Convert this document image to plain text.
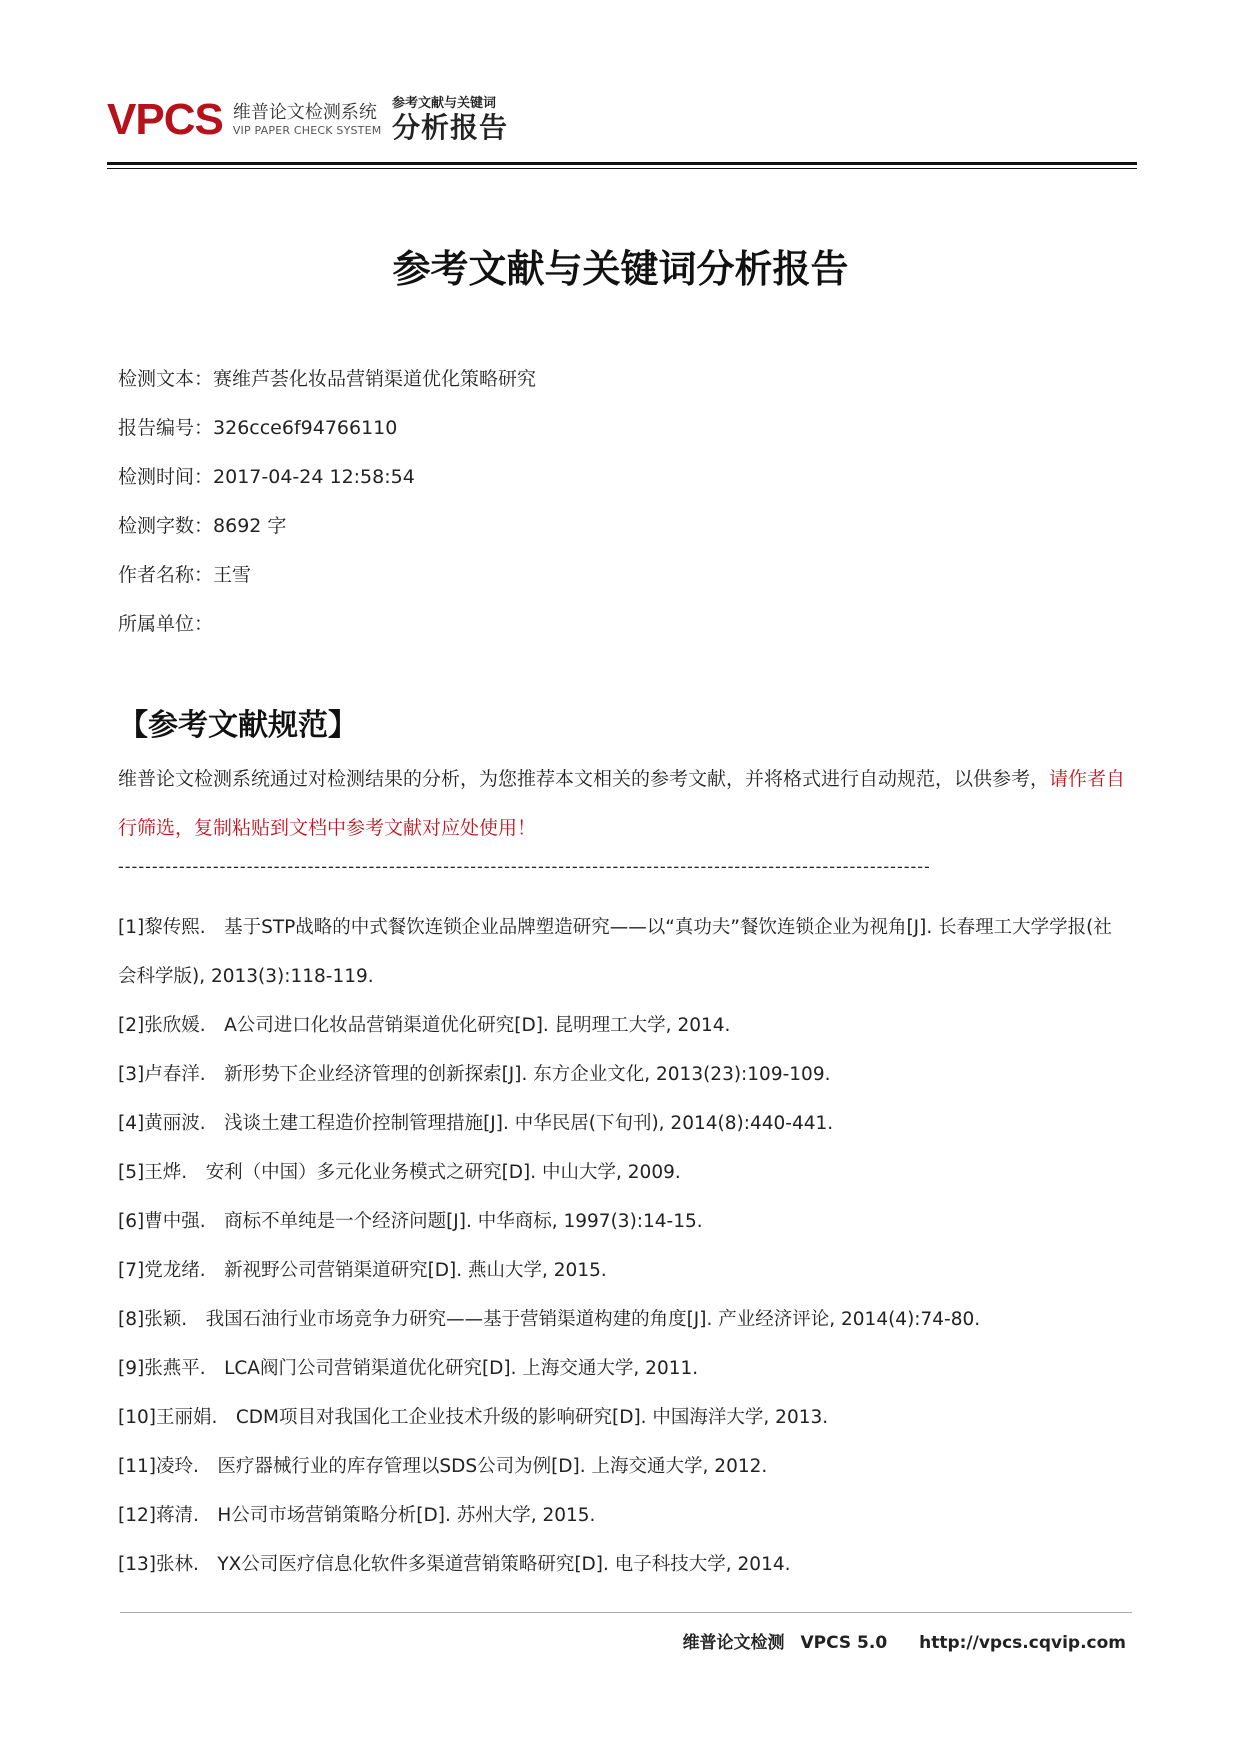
VPCS 维普论文检测系统
VIP PAPER CHECK SYSTEM
参考文献与关键词
分析报告
参考文献与关键词分析报告
检测文本：赛维芦荟化妆品营销渠道优化策略研究
报告编号：326cce6f94766110
检测时间：2017-04-24 12:58:54
检测字数：8692 字
作者名称：王雪
所属单位：
【参考文献规范】
维普论文检测系统通过对检测结果的分析，为您推荐本文相关的参考文献，并将格式进行自动规范，以供参考，请作者自行筛选，复制粘贴到文档中参考文献对应处使用！
------------------------------------------------------------------------------------------------------------------------
[1]黎传熙.　基于STP战略的中式餐饮连锁企业品牌塑造研究——以“真功夫”餐饮连锁企业为视角[J]. 长春理工大学学报(社会科学版), 2013(3):118-119.
[2]张欣媛.　A公司进口化妆品营销渠道优化研究[D]. 昆明理工大学, 2014.
[3]卢春洋.　新形势下企业经济管理的创新探索[J]. 东方企业文化, 2013(23):109-109.
[4]黄丽波.　浅谈土建工程造价控制管理措施[J]. 中华民居(下旬刊), 2014(8):440-441.
[5]王烨.　安利（中国）多元化业务模式之研究[D]. 中山大学, 2009.
[6]曹中强.　商标不单纯是一个经济问题[J]. 中华商标, 1997(3):14-15.
[7]党龙绪.　新视野公司营销渠道研究[D]. 燕山大学, 2015.
[8]张颖.　我国石油行业市场竞争力研究——基于营销渠道构建的角度[J]. 产业经济评论, 2014(4):74-80.
[9]张燕平.　LCA阀门公司营销渠道优化研究[D]. 上海交通大学, 2011.
[10]王丽娟.　CDM项目对我国化工企业技术升级的影响研究[D]. 中国海洋大学, 2013.
[11]凌玲.　医疗器械行业的库存管理以SDS公司为例[D]. 上海交通大学, 2012.
[12]蒋清.　H公司市场营销策略分析[D]. 苏州大学, 2015.
[13]张林.　YX公司医疗信息化软件多渠道营销策略研究[D]. 电子科技大学, 2014.
维普论文检测 VPCS 5.0 http://vpcs.cqvip.com
